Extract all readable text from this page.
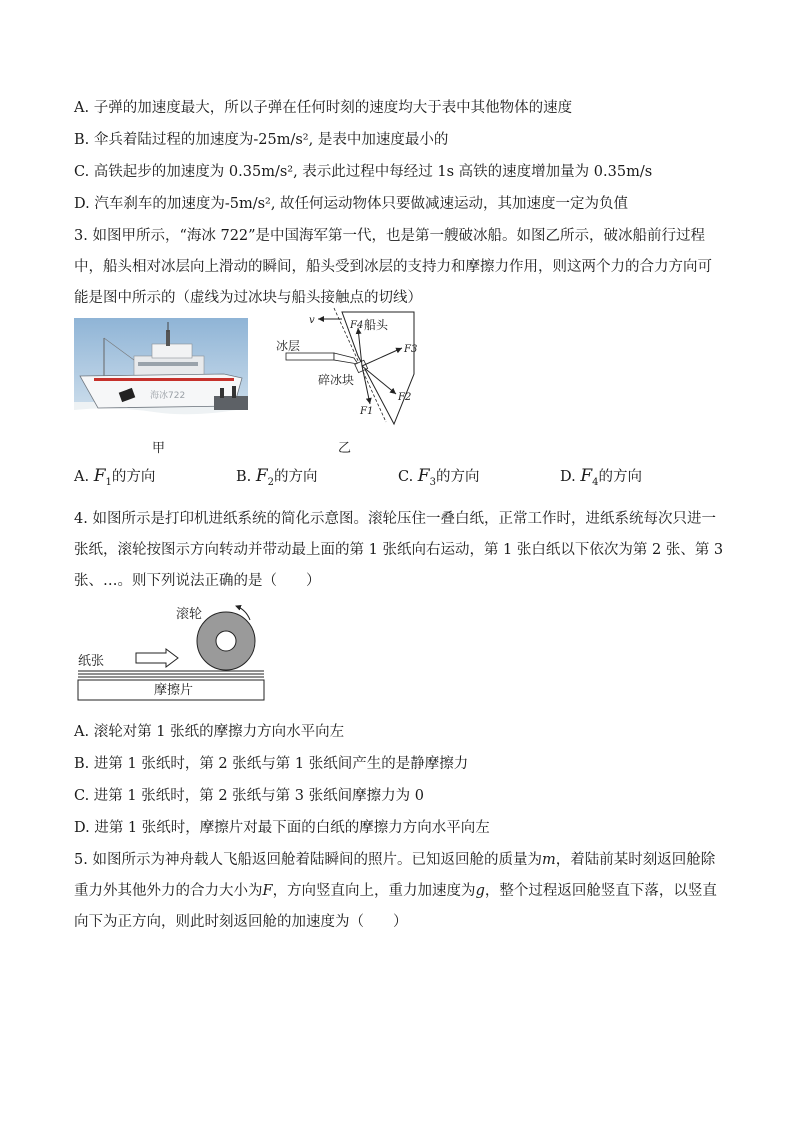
A. 子弹的加速度最大，所以子弹在任何时刻的速度均大于表中其他物体的速度
B. 伞兵着陆过程的加速度为-25m/s², 是表中加速度最小的
C. 高铁起步的加速度为 0.35m/s², 表示此过程中每经过 1s 高铁的速度增加量为 0.35m/s
D. 汽车刹车的加速度为-5m/s², 故任何运动物体只要做减速运动，其加速度一定为负值
3. 如图甲所示，“海冰 722”是中国海军第一代，也是第一艘破冰船。如图乙所示，破冰船前行过程中，船头相对冰层向上滑动的瞬间，船头受到冰层的支持力和摩擦力作用，则这两个力的合力方向可能是图中所示的（虚线为过冰块与船头接触点的切线）
海冰722
甲
v	F4 船头
F3
F2
F1
冰层
碎冰块
乙
A. $F_1$的方向	B. $F_2$的方向	C. $F_3$的方向	D. $F_4$的方向
4. 如图所示是打印机进纸系统的简化示意图。滚轮压住一叠白纸，正常工作时，进纸系统每次只进一张纸，滚轮按图示方向转动并带动最上面的第 1 张纸向右运动，第 1 张白纸以下依次为第 2 张、第 3 张、…。则下列说法正确的是（　　）
滚轮
纸张
摩擦片
A. 滚轮对第 1 张纸的摩擦力方向水平向左
B. 进第 1 张纸时，第 2 张纸与第 1 张纸间产生的是静摩擦力
C. 进第 1 张纸时，第 2 张纸与第 3 张纸间摩擦力为 0
D. 进第 1 张纸时，摩擦片对最下面的白纸的摩擦力方向水平向左
5. 如图所示为神舟载人飞船返回舱着陆瞬间的照片。已知返回舱的质量为m，着陆前某时刻返回舱除重力外其他外力的合力大小为F，方向竖直向上，重力加速度为g，整个过程返回舱竖直下落，以竖直向下为正方向，则此时刻返回舱的加速度为（　　）
